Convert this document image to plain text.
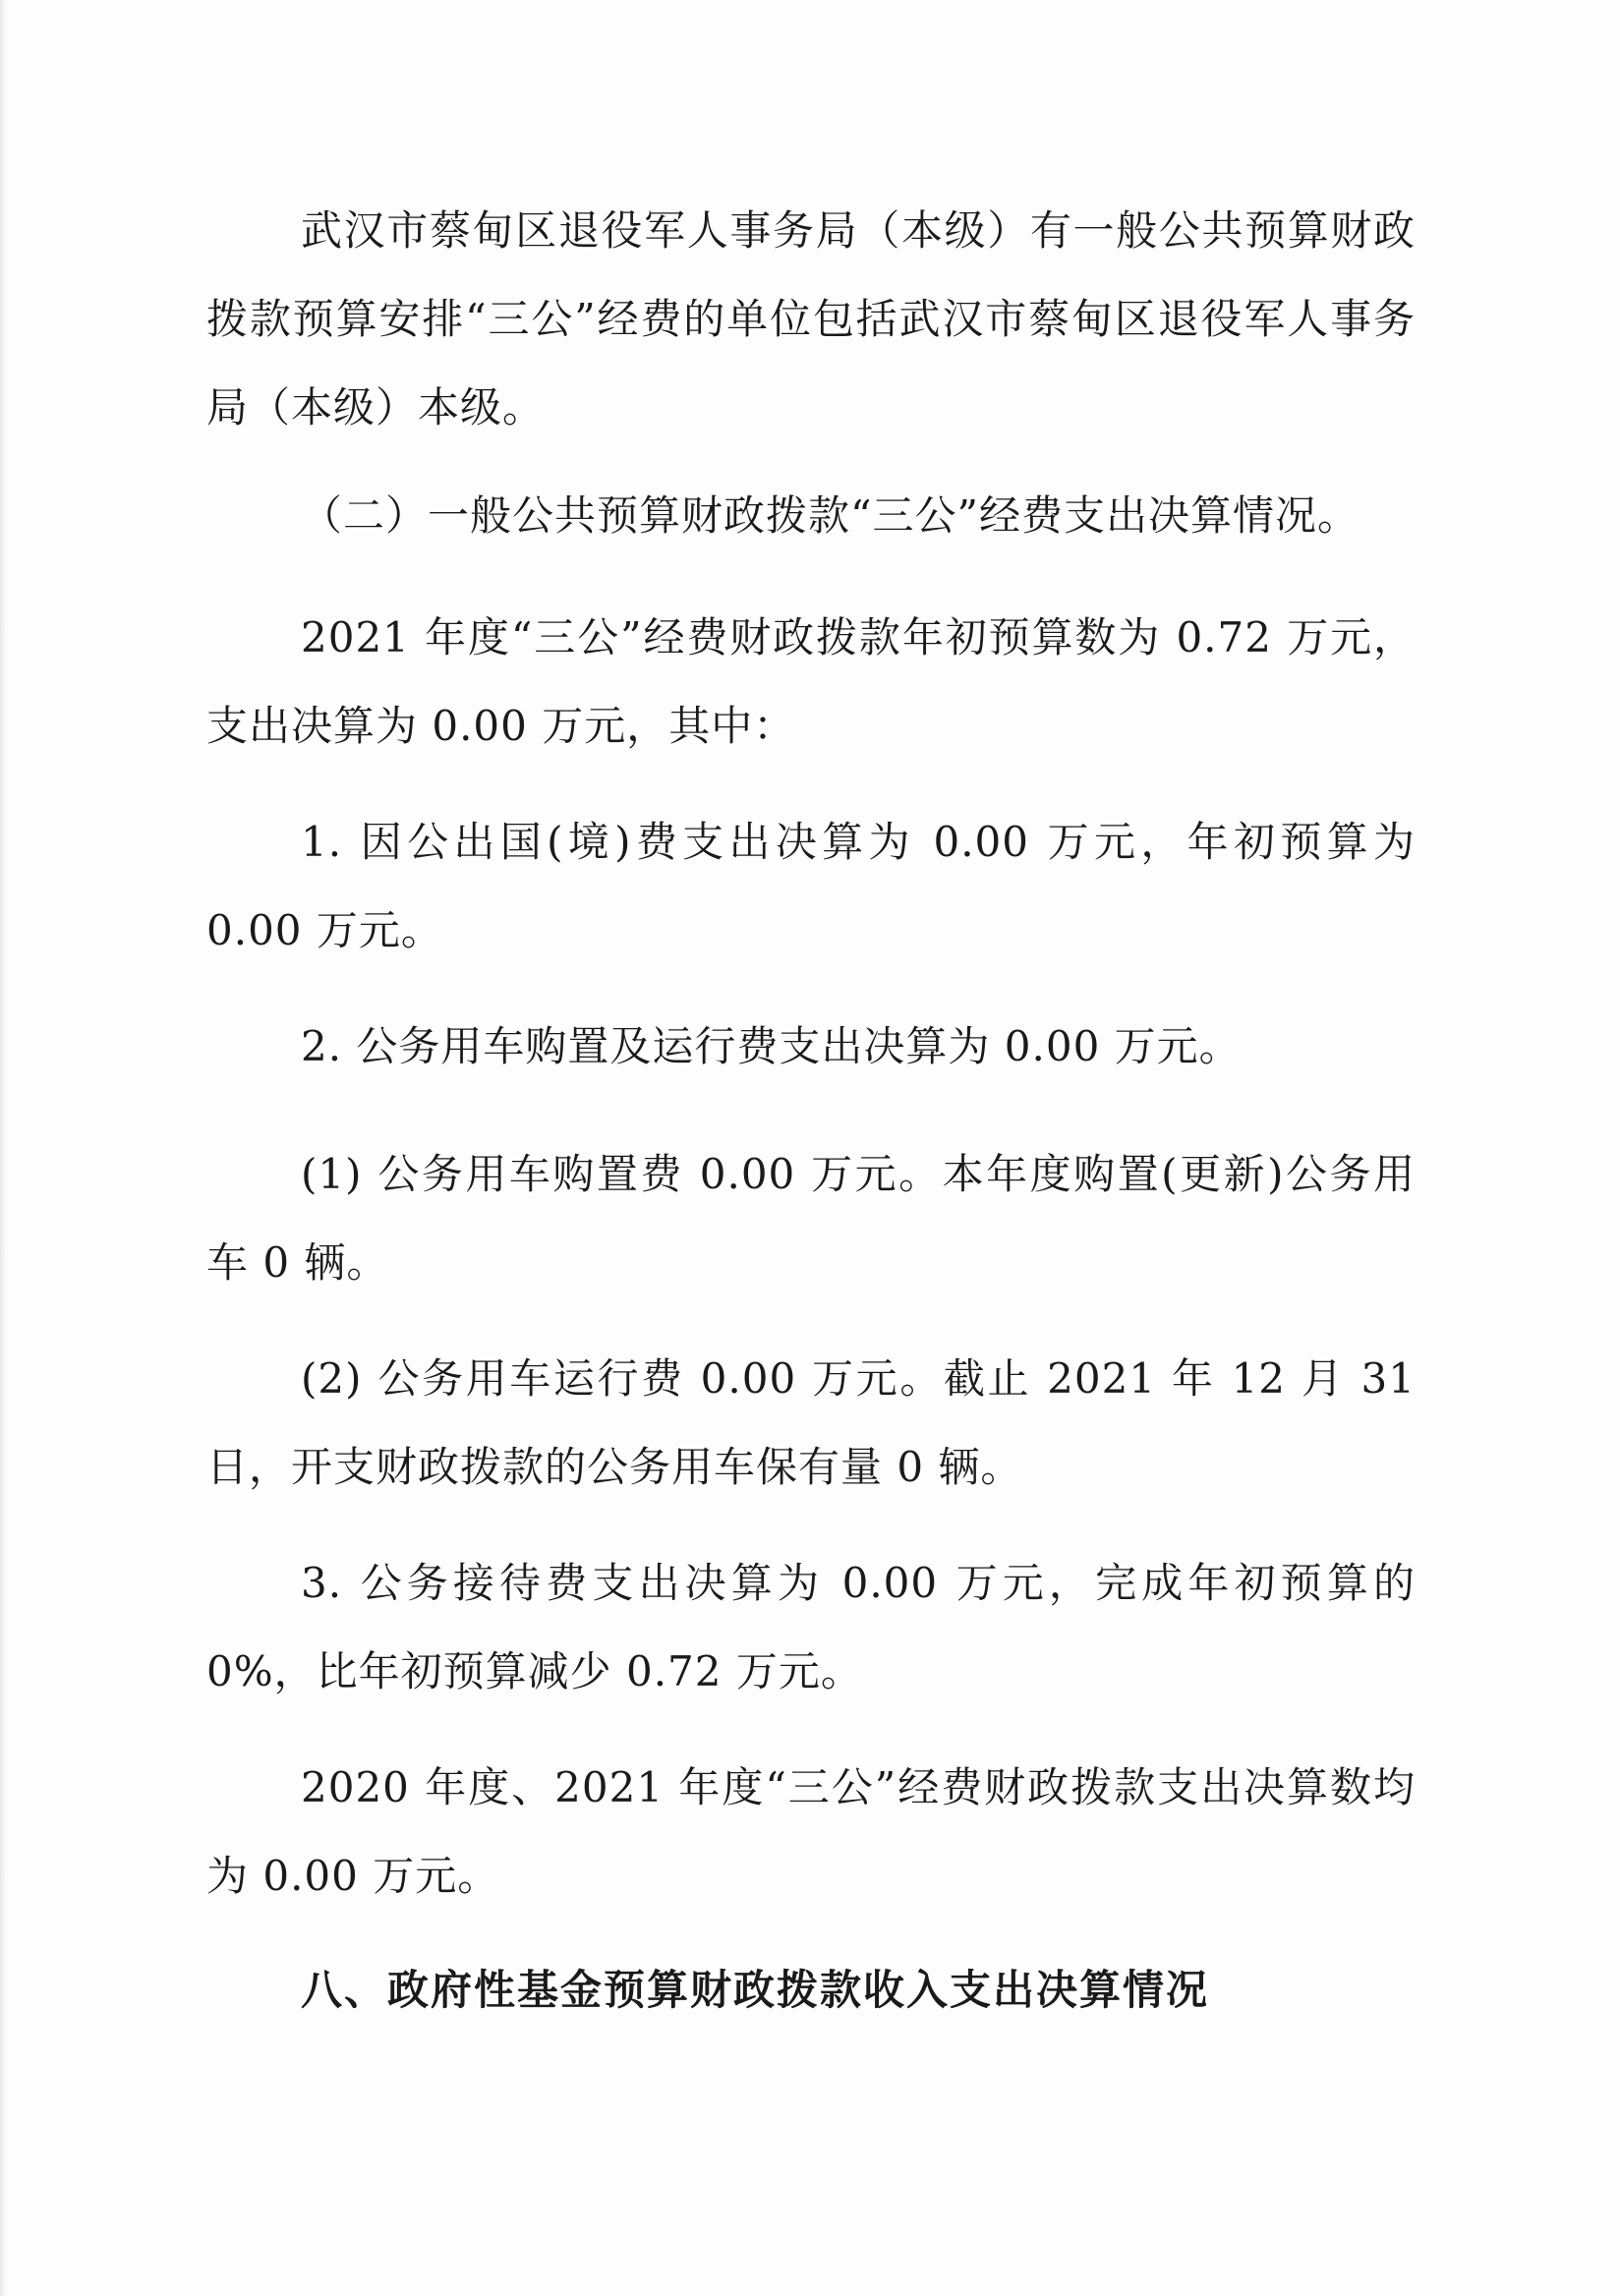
武汉市蔡甸区退役军人事务局（本级）有一般公共预算财政拨款预算安排“三公”经费的单位包括武汉市蔡甸区退役军人事务局（本级）本级。

（二）一般公共预算财政拨款“三公”经费支出决算情况。

2021 年度“三公”经费财政拨款年初预算数为 0.72 万元，支出决算为 0.00 万元，其中：

1. 因公出国(境)费支出决算为 0.00 万元，年初预算为 0.00 万元。

2. 公务用车购置及运行费支出决算为 0.00 万元。

(1) 公务用车购置费 0.00 万元。本年度购置(更新)公务用车 0 辆。

(2) 公务用车运行费 0.00 万元。截止 2021 年 12 月 31 日，开支财政拨款的公务用车保有量 0 辆。

3. 公务接待费支出决算为 0.00 万元，完成年初预算的 0%，比年初预算减少 0.72 万元。

2020 年度、2021 年度“三公”经费财政拨款支出决算数均为 0.00 万元。

八、政府性基金预算财政拨款收入支出决算情况
